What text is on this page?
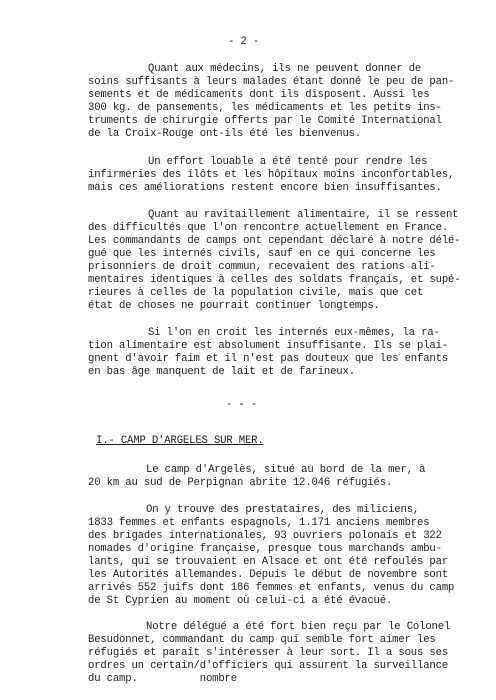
- 2 -
Quant aux médecins, ils ne peuvent donner de
soins suffisants à leurs malades étant donné le peu de pan-
sements et de médicaments dont ils disposent. Aussi les
300 kg. de pansements, les médicaments et les petits ins-
truments de chirurgie offerts par le Comité International
de la Croix-Rouge ont-ils été les bienvenus.
Un effort louable a été tenté pour rendre les
infirmeries des îlôts et les hôpitaux moins inconfortables,
mais ces améliorations restent encore bien insuffisantes.
Quant au ravitaillement alimentaire, il se ressent
des difficultés que l'on rencontre actuellement en France.
Les commandants de camps ont cependant déclaré à notre délé-
gué que les internés civils, sauf en ce qui concerne les
prisonniers de droit commun, recevaient des rations ali-
mentaires identiques à celles des soldats français, et supé-
rieures à celles de la population civile, mais que cet
état de choses ne pourrait continuer longtemps.
Si l'on en croit les internés eux-mêmes, la ra-
tion alimentaire est absolument insuffisante. Ils se plai-
gnent d'avoir faim et il n'est pas douteux que les enfants
en bas âge manquent de lait et de farineux.
- - -
I.- CAMP D'ARGELES SUR MER.
Le camp d'Argelès, situé au bord de la mer, à
20 km au sud de Perpignan abrite 12.046 réfugiés.
On y trouve des prestataires, des miliciens,
1833 femmes et enfants espagnols, 1.171 anciens membres
des brigades internationales, 93 ouvriers polonais et 322
nomades d'origine française, presque tous marchands ambu-
lants, qui se trouvaient en Alsace et ont été refoulés par
les Autorités allemandes. Depuis le début de novembre sont
arrivés 552 juifs dont 186 femmes et enfants, venus du camp
de St Cyprien au moment où celui-ci a été évacué.
Notre délégué a été fort bien reçu par le Colonel
Besudonnet, commandant du camp qui semble fort aimer les
réfugiés et paraît s'intéresser à leur sort. Il a sous ses
ordres un certain/d'officiers qui assurent la surveillance
du camp.          nombre
